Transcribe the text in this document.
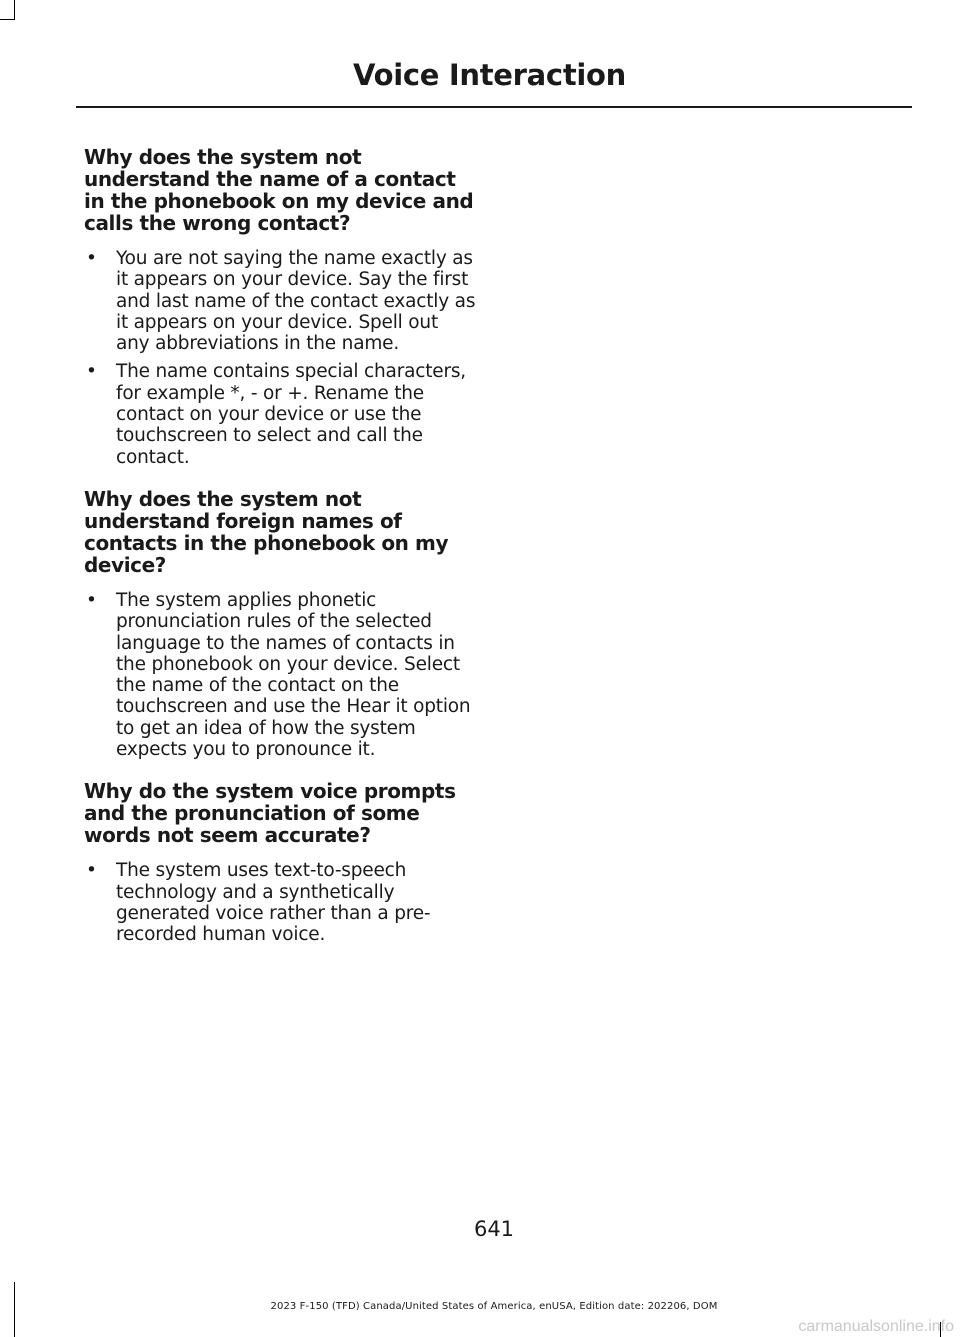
Voice Interaction
Why does the system not understand the name of a contact in the phonebook on my device and calls the wrong contact?
• You are not saying the name exactly as it appears on your device. Say the first and last name of the contact exactly as it appears on your device. Spell out any abbreviations in the name.
• The name contains special characters, for example *, - or +. Rename the contact on your device or use the touchscreen to select and call the contact.
Why does the system not understand foreign names of contacts in the phonebook on my device?
• The system applies phonetic pronunciation rules of the selected language to the names of contacts in the phonebook on your device. Select the name of the contact on the touchscreen and use the Hear it option to get an idea of how the system expects you to pronounce it.
Why do the system voice prompts and the pronunciation of some words not seem accurate?
• The system uses text-to-speech technology and a synthetically generated voice rather than a pre-recorded human voice.
641
2023 F-150 (TFD) Canada/United States of America, enUSA, Edition date: 202206, DOM
carmanualsonline.info
